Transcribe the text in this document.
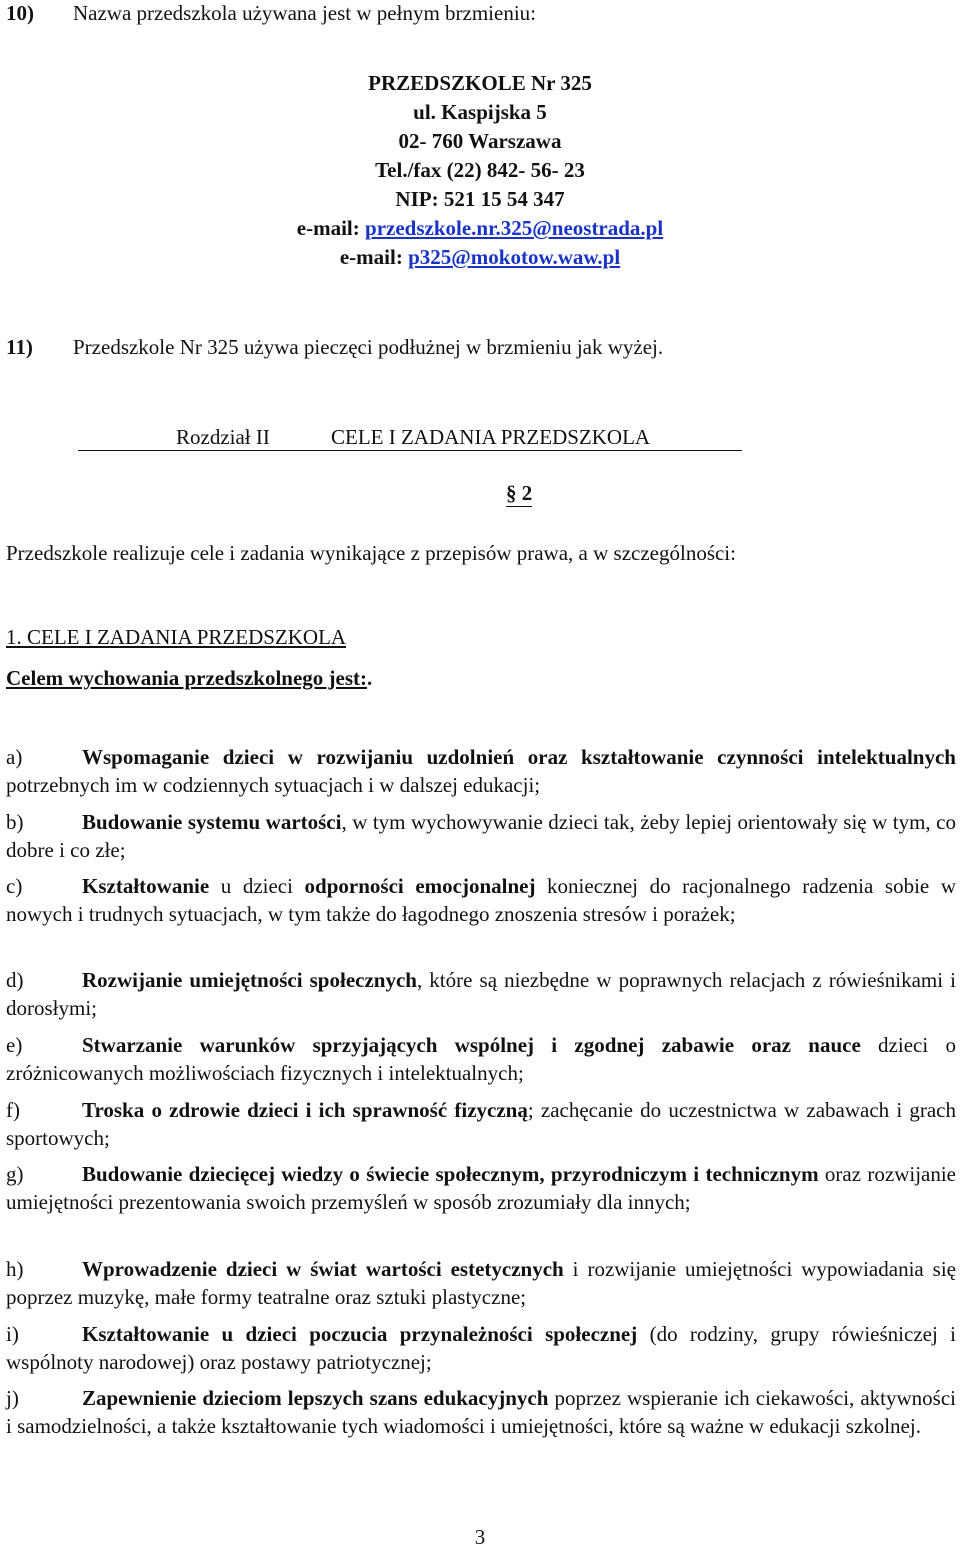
10) Nazwa przedszkola używana jest w pełnym brzmieniu:
PRZEDSZKOLE Nr 325
ul. Kaspijska 5
02- 760 Warszawa
Tel./fax (22) 842- 56- 23
NIP: 521 15 54 347
e-mail: przedszkole.nr.325@neostrada.pl
e-mail: p325@mokotow.waw.pl
11) Przedszkole Nr 325 używa pieczęci podłużnej w brzmieniu jak wyżej.
Rozdział II	CELE I ZADANIA PRZEDSZKOLA
§ 2
Przedszkole realizuje cele i zadania wynikające z przepisów prawa, a w szczególności:
1. CELE I ZADANIA PRZEDSZKOLA
Celem wychowania przedszkolnego jest:.
a)	Wspomaganie dzieci w rozwijaniu uzdolnień oraz kształtowanie czynności intelektualnych potrzebnych im w codziennych sytuacjach i w dalszej edukacji;
b)	Budowanie systemu wartości, w tym wychowywanie dzieci tak, żeby lepiej orientowały się w tym, co dobre i co złe;
c)	Kształtowanie u dzieci odporności emocjonalnej koniecznej do racjonalnego radzenia sobie w nowych i trudnych sytuacjach, w tym także do łagodnego znoszenia stresów i porażek;
d)	Rozwijanie umiejętności społecznych, które są niezbędne w poprawnych relacjach z rówieśnikami i dorosłymi;
e)	Stwarzanie warunków sprzyjających wspólnej i zgodnej zabawie oraz nauce dzieci o zróżnicowanych możliwościach fizycznych i intelektualnych;
f)	Troska o zdrowie dzieci i ich sprawność fizyczną; zachęcanie do uczestnictwa w zabawach i grach sportowych;
g)	Budowanie dziecięcej wiedzy o świecie społecznym, przyrodniczym i technicznym oraz rozwijanie umiejętności prezentowania swoich przemyśleń w sposób zrozumiały dla innych;
h)	Wprowadzenie dzieci w świat wartości estetycznych i rozwijanie umiejętności wypowiadania się poprzez muzykę, małe formy teatralne oraz sztuki plastyczne;
i)	Kształtowanie u dzieci poczucia przynależności społecznej (do rodziny, grupy rówieśniczej i wspólnoty narodowej) oraz postawy patriotycznej;
j)	Zapewnienie dzieciom lepszych szans edukacyjnych poprzez wspieranie ich ciekawości, aktywności i samodzielności, a także kształtowanie tych wiadomości i umiejętności, które są ważne w edukacji szkolnej.
3
